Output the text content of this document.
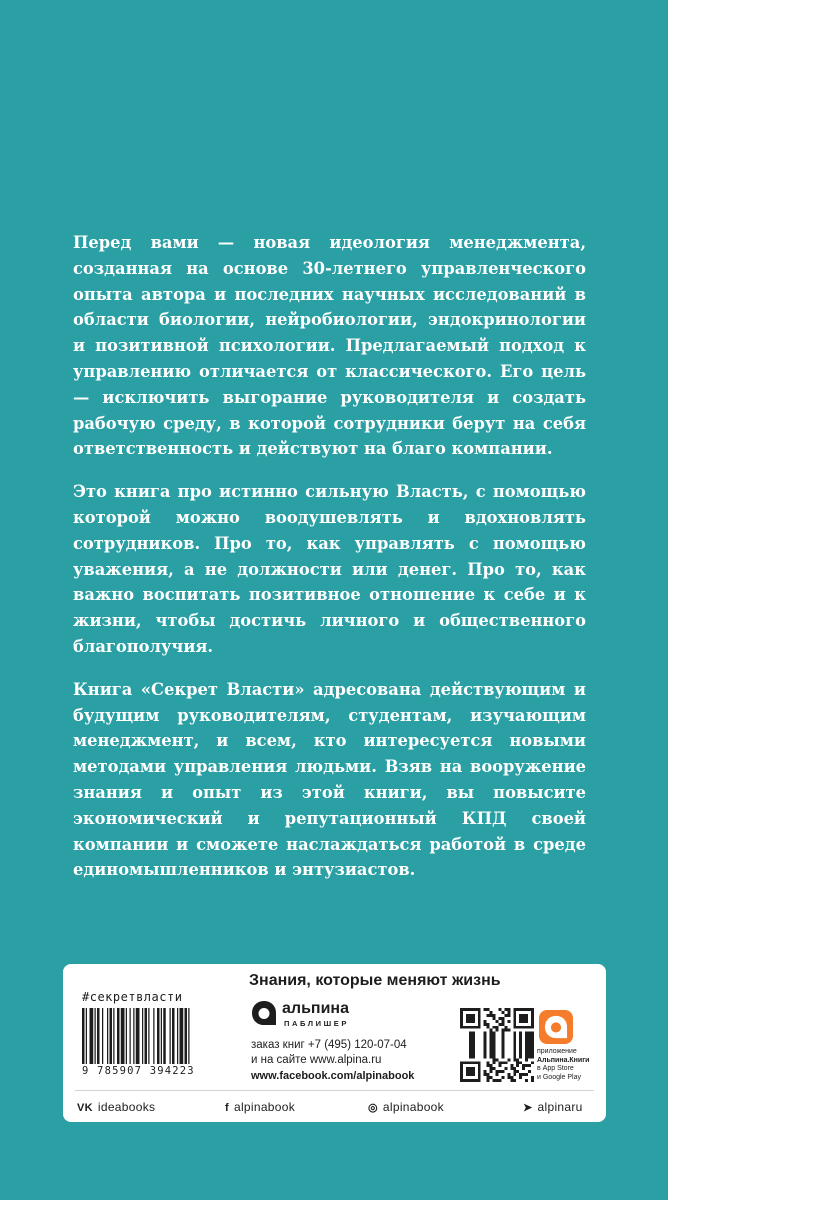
Перед вами — новая идеология менеджмента, созданная на основе 30-летнего управленческого опыта автора и последних научных исследований в области биологии, нейробиологии, эндокринологии и позитивной психологии. Предлагаемый подход к управлению отличается от классического. Его цель — исключить выгорание руководителя и создать рабочую среду, в которой сотрудники берут на себя ответственность и действуют на благо компании.

Это книга про истинно сильную Власть, с помощью которой можно воодушевлять и вдохновлять сотрудников. Про то, как управлять с помощью уважения, а не должности или денег. Про то, как важно воспитать позитивное отношение к себе и к жизни, чтобы достичь личного и общественного благополучия.

Книга «Секрет Власти» адресована действующим и будущим руководителям, студентам, изучающим менеджмент, и всем, кто интересуется новыми методами управления людьми. Взяв на вооружение знания и опыт из этой книги, вы повысите экономический и репутационный КПД своей компании и сможете наслаждаться работой в среде единомышленников и энтузиастов.

Знания, которые меняют жизнь
#секретвласти
9 785907 394223
альпина
ПАБЛИШЕР
заказ книг +7 (495) 120-07-04
и на сайте www.alpina.ru
www.facebook.com/alpinabook
приложение
Альпина.Книги
в App Store
и Google Play
VK ideabooks	f alpinabook	◎ alpinabook	➤ alpinaru
